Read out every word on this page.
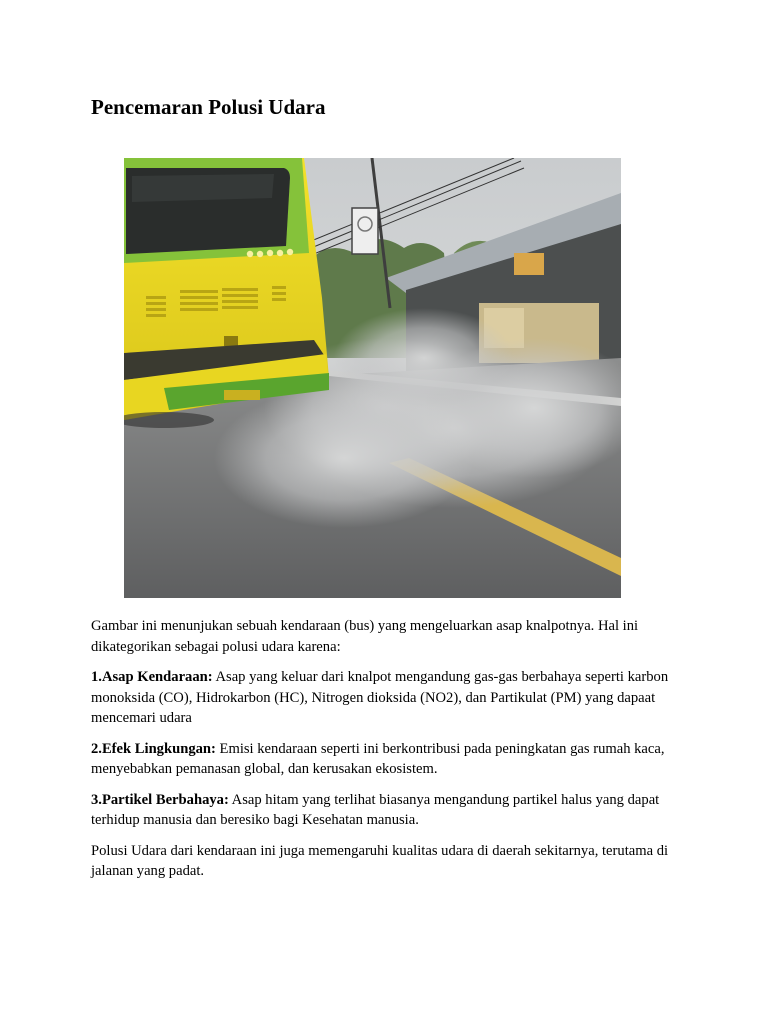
Pencemaran Polusi Udara

Gambar ini menunjukan sebuah kendaraan (bus) yang mengeluarkan asap knalpotnya. Hal ini dikategorikan sebagai polusi udara karena:

1.Asap Kendaraan: Asap yang keluar dari knalpot mengandung gas-gas berbahaya seperti karbon monoksida (CO), Hidrokarbon (HC), Nitrogen dioksida (NO2), dan Partikulat (PM) yang dapaat mencemari udara

2.Efek Lingkungan: Emisi kendaraan seperti ini berkontribusi pada peningkatan gas rumah kaca, menyebabkan pemanasan global, dan kerusakan ekosistem.

3.Partikel Berbahaya: Asap hitam yang terlihat biasanya mengandung partikel halus yang dapat terhidup manusia dan beresiko bagi Kesehatan manusia.

Polusi Udara dari kendaraan ini juga memengaruhi kualitas udara di daerah sekitarnya, terutama di jalanan yang padat.
